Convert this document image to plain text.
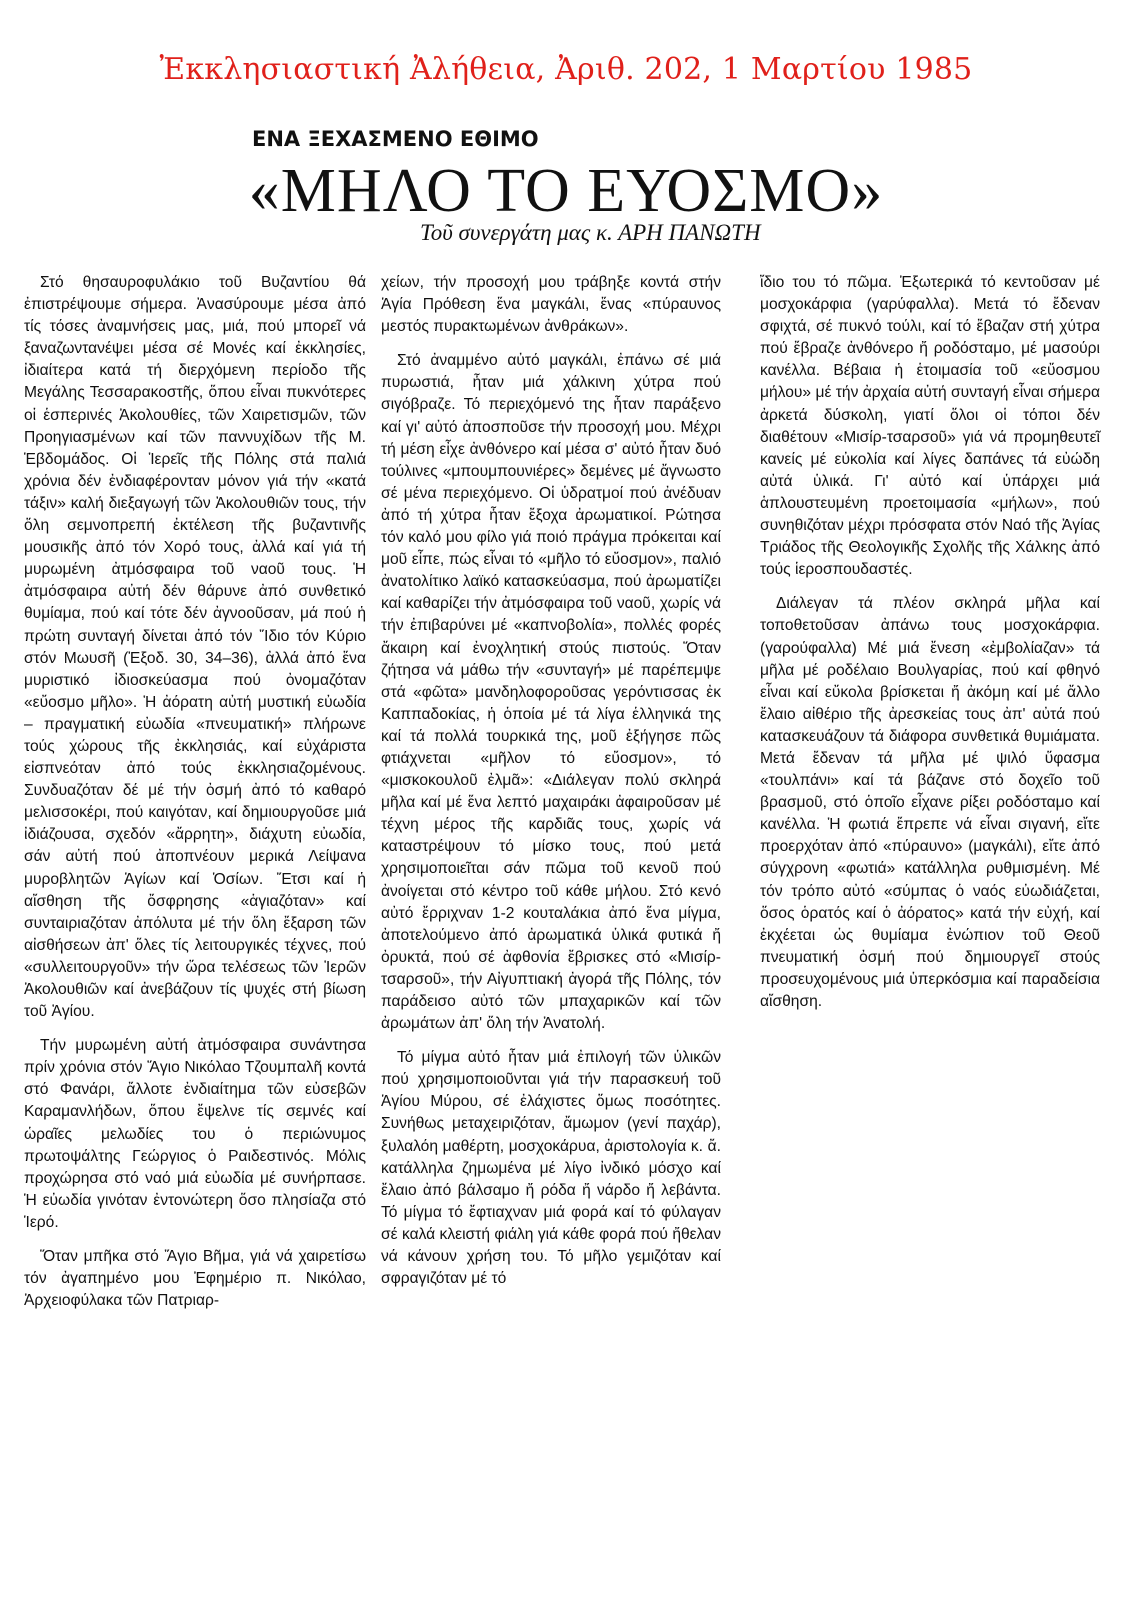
Ἐκκλησιαστική Ἀλήθεια, Ἀριθ. 202, 1 Μαρτίου 1985
ΕΝΑ ΞΕΧΑΣΜΕΝΟ ΕΘΙΜΟ
«ΜΗΛΟ ΤΟ ΕΥΟΣΜΟ»
Τοῦ συνεργάτη μας κ. ΑΡΗ ΠΑΝΩΤΗ

Στό θησαυροφυλάκιο τοῦ Βυζαντίου θά ἐπιστρέψουμε σήμερα. Ἀνασύρουμε μέσα ἀπό τίς τόσες ἀναμνήσεις μας, μιά, πού μπορεῖ νά ξαναζωντανέψει μέσα σέ Μονές καί ἐκκλησίες, ἰδιαίτερα κατά τή διερχόμενη περίοδο τῆς Μεγάλης Τεσσαρακοστῆς, ὅπου εἶναι πυκνότερες οἱ ἑσπερινές Ἀκολουθίες, τῶν Χαιρετισμῶν, τῶν Προηγιασμένων καί τῶν παννυχίδων τῆς Μ. Ἑβδομάδος. Οἱ Ἱερεῖς τῆς Πόλης στά παλιά χρόνια δέν ἐνδιαφέρονταν μόνον γιά τήν «κατά τάξιν» καλή διεξαγωγή τῶν Ἀκολουθιῶν τους, τήν ὅλη σεμνοπρεπή ἐκτέλεση τῆς βυζαντινῆς μουσικῆς ἀπό τόν Χορό τους, ἀλλά καί γιά τή μυρωμένη ἀτμόσφαιρα τοῦ ναοῦ τους. Ἡ ἀτμόσφαιρα αὐτή δέν θάρυνε ἀπό συνθετικό θυμίαμα, πού καί τότε δέν ἀγνοοῦσαν, μά πού ἡ πρώτη συνταγή δίνεται ἀπό τόν Ἴδιο τόν Κύριο στόν Μωυσῆ (Ἐξοδ. 30, 34–36), ἀλλά ἀπό ἕνα μυριστικό ἰδιοσκεύασμα πού ὀνομαζόταν «εὔοσμο μῆλο». Ἡ ἀόρατη αὐτή μυστική εὐωδία – πραγματική εὐωδία «πνευματική» πλήρωνε τούς χώρους τῆς ἐκκλησιάς, καί εὐχάριστα εἰσπνεόταν ἀπό τούς ἐκκλησιαζομένους. Συνδυαζόταν δέ μέ τήν ὀσμή ἀπό τό καθαρό μελισσοκέρι, πού καιγόταν, καί δημιουργοῦσε μιά ἰδιάζουσα, σχεδόν «ἄρρητη», διάχυτη εὐωδία, σάν αὐτή πού ἀποπνέουν μερικά Λείψανα μυροβλητῶν Ἁγίων καί Ὁσίων. Ἔτσι καί ἡ αἴσθηση τῆς ὄσφρησης «ἁγιαζόταν» καί συνταιριαζόταν ἀπόλυτα μέ τήν ὅλη ἔξαρση τῶν αἰσθήσεων ἀπ' ὅλες τίς λειτουργικές τέχνες, πού «συλλειτουργοῦν» τήν ὥρα τελέσεως τῶν Ἱερῶν Ἀκολουθιῶν καί ἀνεβάζουν τίς ψυχές στή βίωση τοῦ Ἁγίου.

Τήν μυρωμένη αὐτή ἀτμόσφαιρα συνάντησα πρίν χρόνια στόν Ἅγιο Νικόλαο Τζουμπαλῆ κοντά στό Φανάρι, ἄλλοτε ἐνδιαίτημα τῶν εὐσεβῶν Καραμανλήδων, ὅπου ἔψελνε τίς σεμνές καί ὡραῖες μελωδίες του ὁ περιώνυμος πρωτοψάλτης Γεώργιος ὁ Ραιδεστινός. Μόλις προχώρησα στό ναό μιά εὐωδία μέ συνήρπασε. Ἡ εὐωδία γινόταν ἐντονώτερη ὅσο πλησίαζα στό Ἱερό.

Ὅταν μπῆκα στό Ἅγιο Βῆμα, γιά νά χαιρετίσω τόν ἀγαπημένο μου Ἐφημέριο π. Νικόλαο, Ἀρχειοφύλακα τῶν Πατριαρ-

χείων, τήν προσοχή μου τράβηξε κοντά στήν Ἁγία Πρόθεση ἕνα μαγκάλι, ἕνας «πύραυνος μεστός πυρακτωμένων ἀνθράκων».

Στό ἀναμμένο αὐτό μαγκάλι, ἐπάνω σέ μιά πυρωστιά, ἦταν μιά χάλκινη χύτρα πού σιγόβραζε. Τό περιεχόμενό της ἦταν παράξενο καί γι' αὐτό ἀποσποῦσε τήν προσοχή μου. Μέχρι τή μέση εἶχε ἀνθόνερο καί μέσα σ' αὐτό ἦταν δυό τούλινες «μπουμπουνιέρες» δεμένες μέ ἄγνωστο σέ μένα περιεχόμενο. Οἱ ὑδρατμοί πού ἀνέδυαν ἀπό τή χύτρα ἦταν ἔξοχα ἀρωματικοί. Ρώτησα τόν καλό μου φίλο γιά ποιό πράγμα πρόκειται καί μοῦ εἶπε, πώς εἶναι τό «μῆλο τό εὔοσμον», παλιό ἀνατολίτικο λαϊκό κατασκεύασμα, πού ἀρωματίζει καί καθαρίζει τήν ἀτμόσφαιρα τοῦ ναοῦ, χωρίς νά τήν ἐπιβαρύνει μέ «καπνοβολία», πολλές φορές ἄκαιρη καί ἐνοχλητική στούς πιστούς. Ὅταν ζήτησα νά μάθω τήν «συνταγή» μέ παρέπεμψε στά «φῶτα» μανδηλοφοροῦσας γερόντισσας ἐκ Καππαδοκίας, ἡ ὁποία μέ τά λίγα ἑλληνικά της καί τά πολλά τουρκικά της, μοῦ ἐξήγησε πῶς φτιάχνεται «μῆλον τό εὔοσμον», τό «μισκοκουλοῦ ἐλμᾶ»: «Διάλεγαν πολύ σκληρά μῆλα καί μέ ἕνα λεπτό μαχαιράκι ἀφαιροῦσαν μέ τέχνη μέρος τῆς καρδιᾶς τους, χωρίς νά καταστρέψουν τό μίσκο τους, πού μετά χρησιμοποιεῖται σάν πῶμα τοῦ κενοῦ πού ἀνοίγεται στό κέντρο τοῦ κάθε μήλου. Στό κενό αὐτό ἔρριχναν 1-2 κουταλάκια ἀπό ἕνα μίγμα, ἀποτελούμενο ἀπό ἀρωματικά ὑλικά φυτικά ἤ ὀρυκτά, πού σέ ἀφθονία ἔβρισκες στό «Μισίρ-τσαρσοῦ», τήν Αἰγυπτιακή ἀγορά τῆς Πόλης, τόν παράδεισο αὐτό τῶν μπαχαρικῶν καί τῶν ἀρωμάτων ἀπ' ὅλη τήν Ἀνατολή.

Τό μίγμα αὐτό ἦταν μιά ἐπιλογή τῶν ὑλικῶν πού χρησιμοποιοῦνται γιά τήν παρασκευή τοῦ Ἁγίου Μύρου, σέ ἐλάχιστες ὅμως ποσότητες. Συνήθως μεταχειριζόταν, ἄμωμον (γενί παχάρ), ξυλαλόη μαθέρτη, μοσχοκάρυα, ἀριστολογία κ. ἄ. κατάλληλα ζημωμένα μέ λίγο ἰνδικό μόσχο καί ἔλαιο ἀπό βάλσαμο ἤ ρόδα ἤ νάρδο ἤ λεβάντα. Τό μίγμα τό ἔφτιαχναν μιά φορά καί τό φύλαγαν σέ καλά κλειστή φιάλη γιά κάθε φορά πού ἤθελαν νά κάνουν χρήση του. Τό μῆλο γεμιζόταν καί σφραγιζόταν μέ τό

ἴδιο του τό πῶμα. Ἐξωτερικά τό κεντοῦσαν μέ μοσχοκάρφια (γαρύφαλλα). Μετά τό ἔδεναν σφιχτά, σέ πυκνό τούλι, καί τό ἔβαζαν στή χύτρα πού ἔβραζε ἀνθόνερο ἤ ροδόσταμο, μέ μασούρι κανέλλα. Βέβαια ἡ ἑτοιμασία τοῦ «εὔοσμου μήλου» μέ τήν ἀρχαία αὐτή συνταγή εἶναι σήμερα ἀρκετά δύσκολη, γιατί ὅλοι οἱ τόποι δέν διαθέτουν «Μισίρ-τσαρσοῦ» γιά νά προμηθευτεῖ κανείς μέ εὐκολία καί λίγες δαπάνες τά εὐώδη αὐτά ὑλικά. Γι' αὐτό καί ὑπάρχει μιά ἁπλουστευμένη προετοιμασία «μήλων», πού συνηθιζόταν μέχρι πρόσφατα στόν Ναό τῆς Ἁγίας Τριάδος τῆς Θεολογικῆς Σχολῆς τῆς Χάλκης ἀπό τούς ἱεροσπουδαστές.

Διάλεγαν τά πλέον σκληρά μῆλα καί τοποθετοῦσαν ἀπάνω τους μοσχοκάρφια. (γαρούφαλλα) Μέ μιά ἔνεση «ἐμβολίαζαν» τά μῆλα μέ ροδέλαιο Βουλγαρίας, πού καί φθηνό εἶναι καί εὔκολα βρίσκεται ἤ ἀκόμη καί μέ ἄλλο ἔλαιο αἰθέριο τῆς ἀρεσκείας τους ἀπ' αὐτά πού κατασκευάζουν τά διάφορα συνθετικά θυμιάματα. Μετά ἔδεναν τά μῆλα μέ ψιλό ὕφασμα «τουλπάνι» καί τά βάζανε στό δοχεῖο τοῦ βρασμοῦ, στό ὁποῖο εἶχανε ρίξει ροδόσταμο καί κανέλλα. Ἡ φωτιά ἔπρεπε νά εἶναι σιγανή, εἴτε προερχόταν ἀπό «πύραυνο» (μαγκάλι), εἴτε ἀπό σύγχρονη «φωτιά» κατάλληλα ρυθμισμένη. Μέ τόν τρόπο αὐτό «σύμπας ὁ ναός εὐωδιάζεται, ὅσος ὁρατός καί ὁ ἀόρατος» κατά τήν εὐχή, καί ἐκχέεται ὡς θυμίαμα ἐνώπιον τοῦ Θεοῦ πνευματική ὀσμή πού δημιουργεῖ στούς προσευχομένους μιά ὑπερκόσμια καί παραδείσια αἴσθηση.
